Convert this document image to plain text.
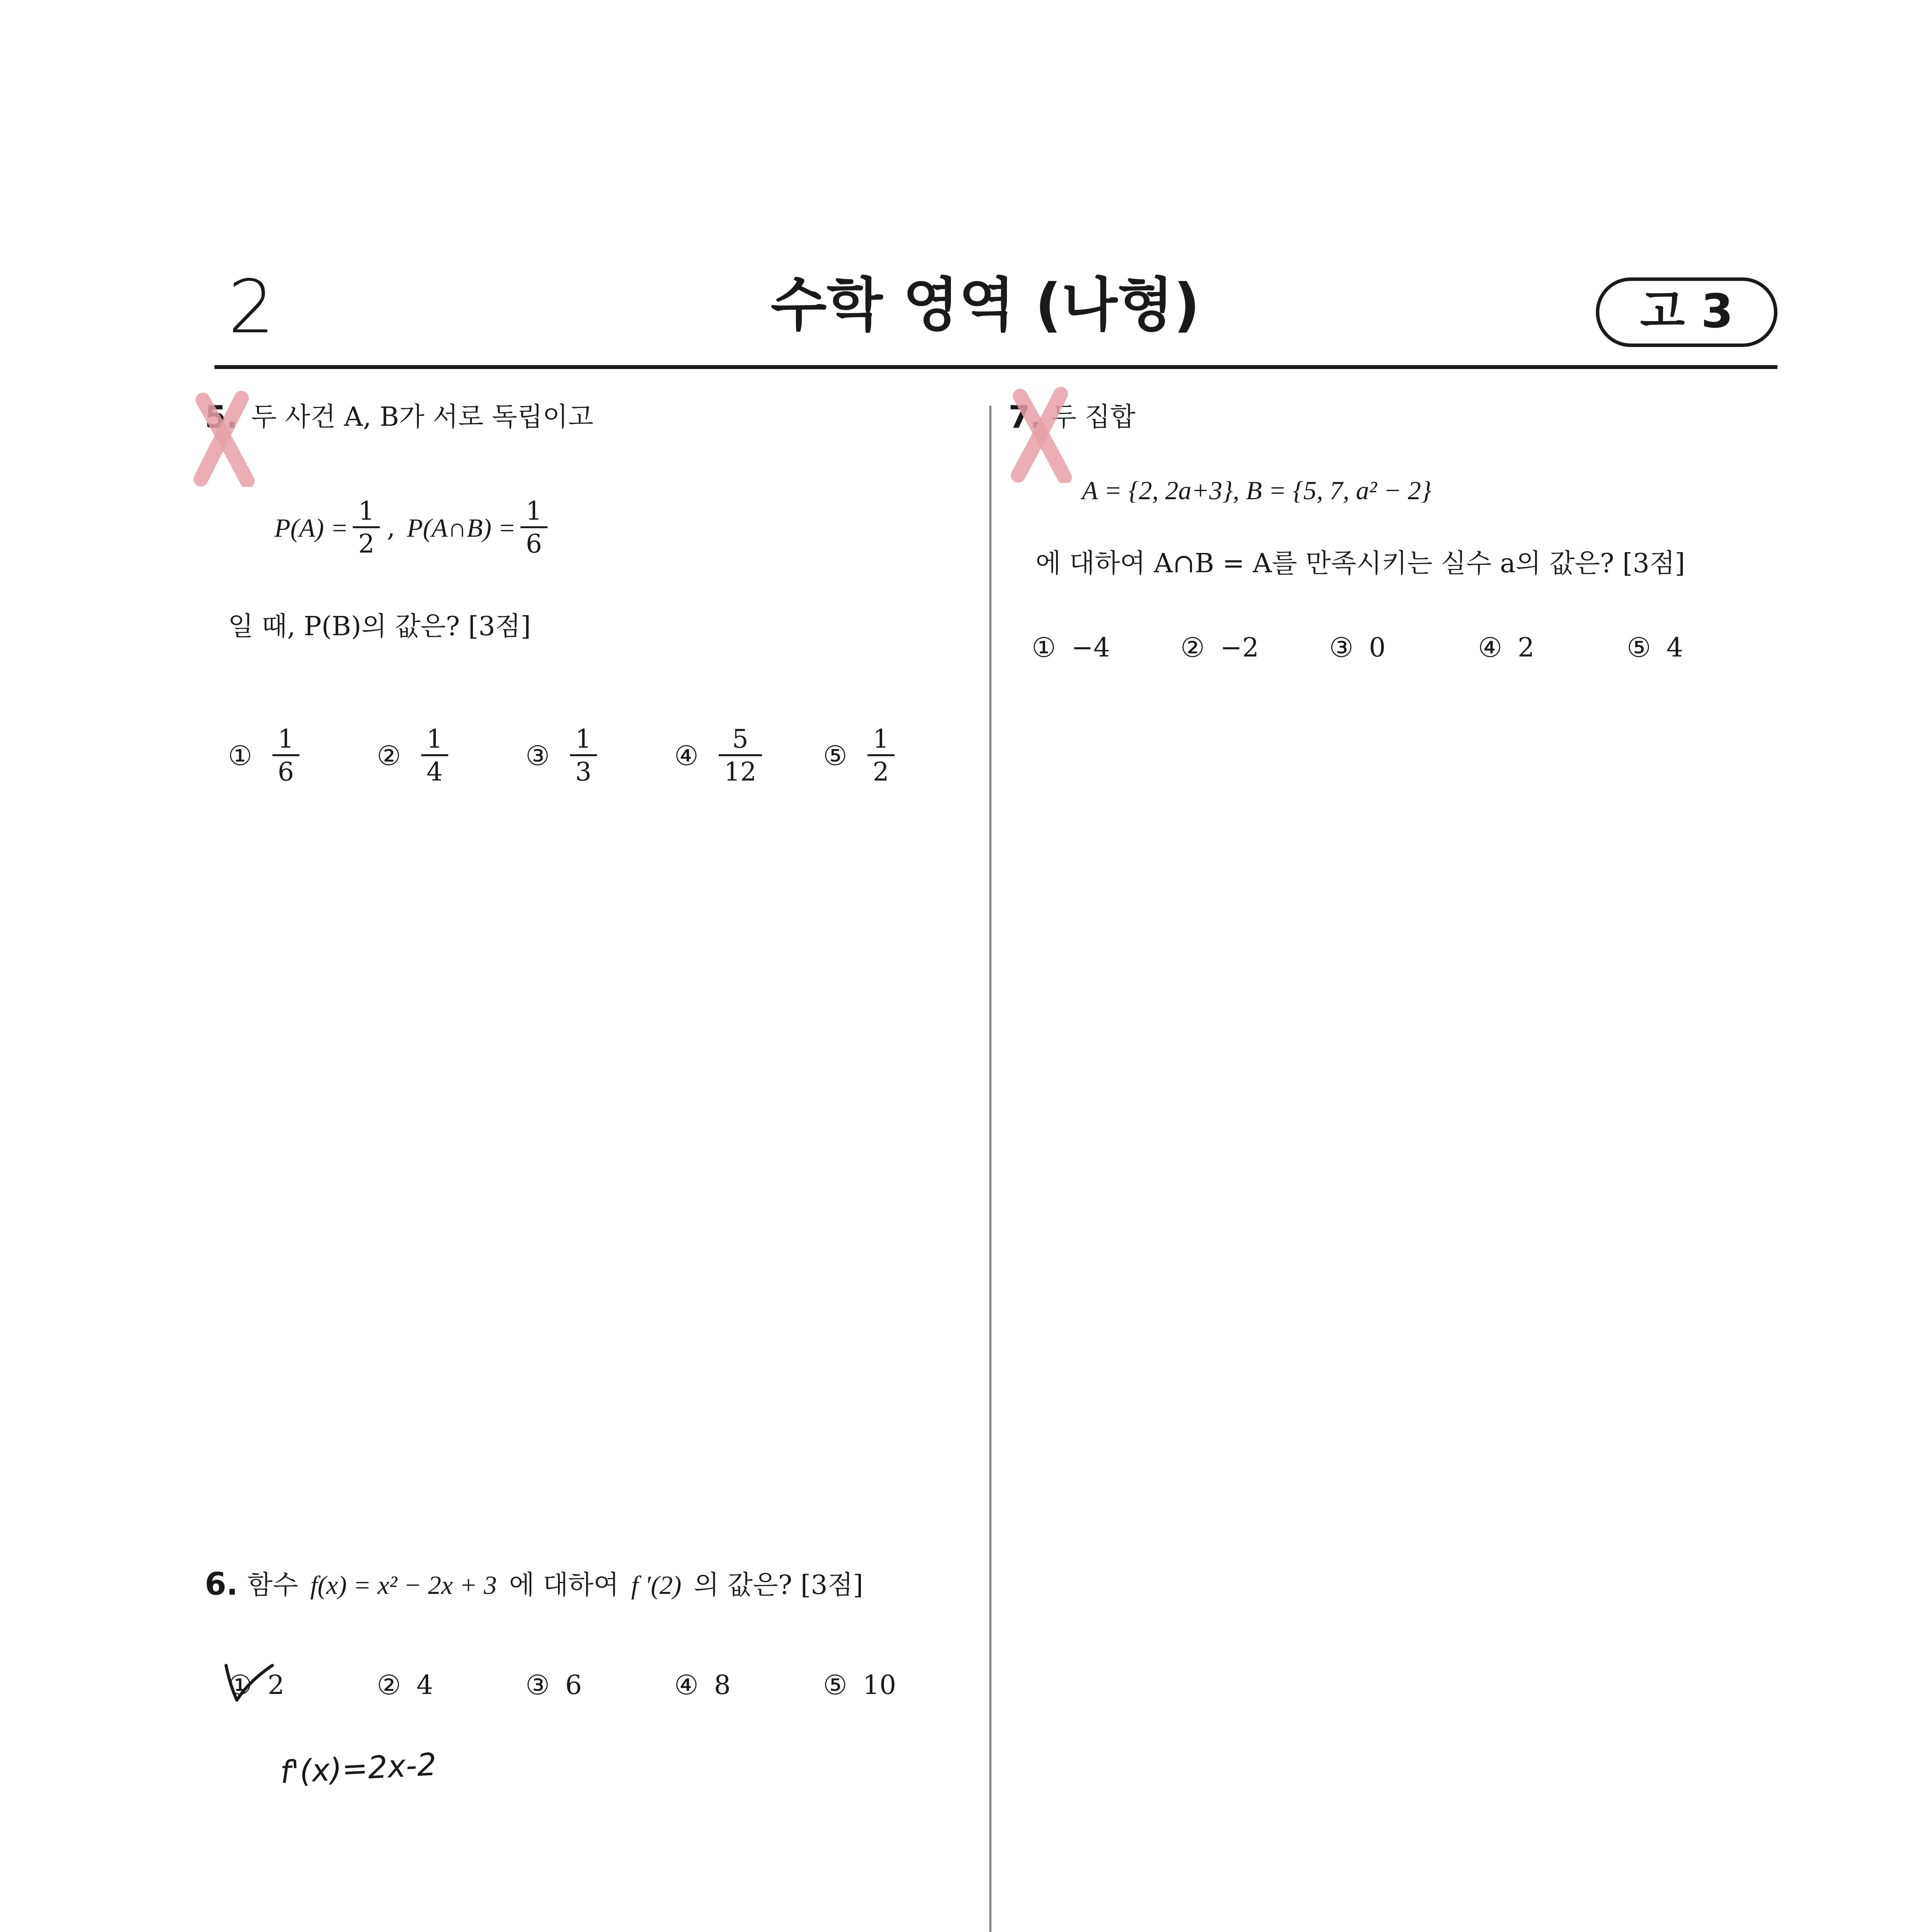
2	수학 영역 (나형)	고 3
5. 두 사건 A, B가 서로 독립이고
$P(A) = \frac{1}{2}$ , P(A∩B) = $\frac{1}{6}$
일 때, P(B)의 값은? [3점]
① $\frac{1}{6}$	② $\frac{1}{4}$	③ $\frac{1}{3}$	④ $\frac{5}{12}$ ⑤ $\frac{1}{2}$
6. 함수 f(x) = x² − 2x + 3 에 대하여 f ′(2) 의 값은? [3점]
① 2	② 4	③ 6	④ 8	⑤ 10
f'(x)=2x-2
7. 두 집합
A = {2, 2a+3}, B = {5, 7, a² − 2}
에 대하여 A∩B = A를 만족시키는 실수 a의 값은? [3점]
① −4	② −2	③ 0	④ 2	⑤ 4
